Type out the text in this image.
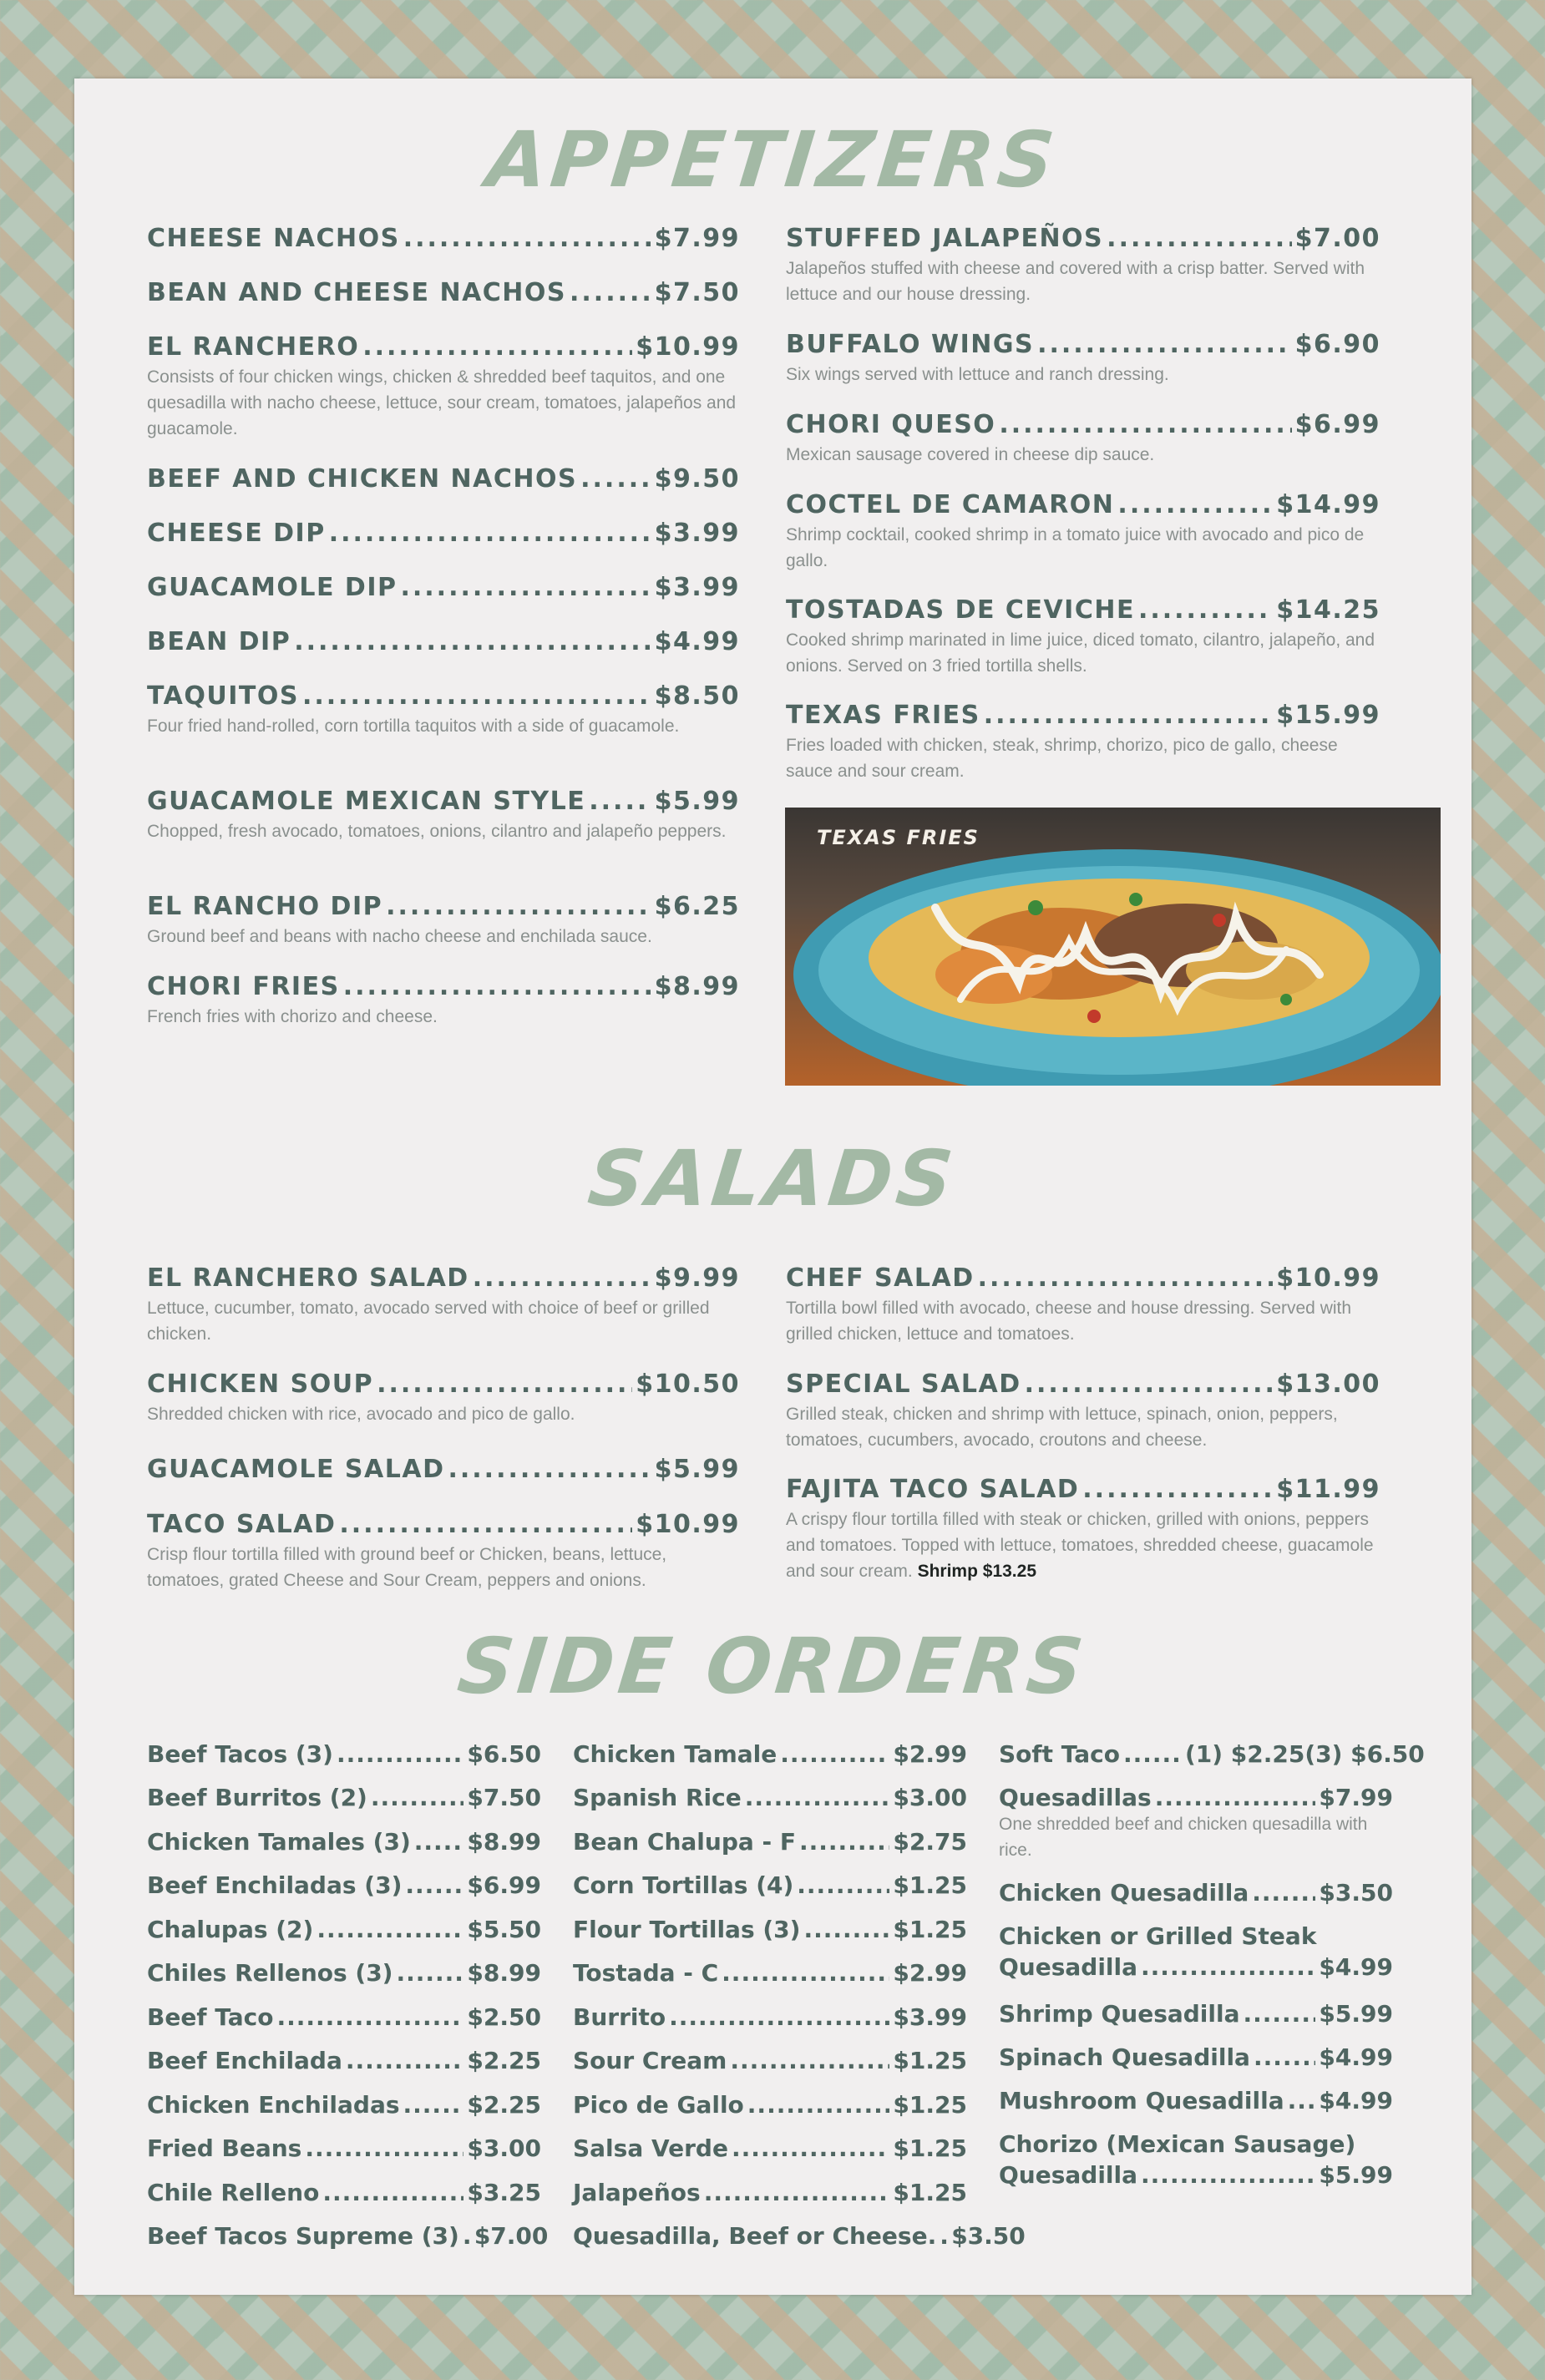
APPETIZERS
CHEESE NACHOS .....	$7.99
BEAN AND CHEESE NACHOS .....	$7.50
EL RANCHERO .....	$10.99
Consists of four chicken wings, chicken & shredded beef taquitos, and one quesadilla with nacho cheese, lettuce, sour cream, tomatoes, jalapeños and guacamole.
BEEF AND CHICKEN NACHOS .....	$9.50
CHEESE DIP .....	$3.99
GUACAMOLE DIP .....	$3.99
BEAN DIP .....	$4.99
TAQUITOS .....	$8.50
Four fried hand-rolled, corn tortilla taquitos with a side of guacamole.
GUACAMOLE MEXICAN STYLE .....	$5.99
Chopped, fresh avocado, tomatoes, onions, cilantro and jalapeño peppers.
EL RANCHO DIP .....	$6.25
Ground beef and beans with nacho cheese and enchilada sauce.
CHORI FRIES .....	$8.99
French fries with chorizo and cheese.
STUFFED JALAPEÑOS .....	$7.00
Jalapeños stuffed with cheese and covered with a crisp batter. Served with lettuce and our house dressing.
BUFFALO WINGS .....	$6.90
Six wings served with lettuce and ranch dressing.
CHORI QUESO .....	$6.99
Mexican sausage covered in cheese dip sauce.
COCTEL DE CAMARON .....	$14.99
Shrimp cocktail, cooked shrimp in a tomato juice with avocado and pico de gallo.
TOSTADAS DE CEVICHE .....	$14.25
Cooked shrimp marinated in lime juice, diced tomato, cilantro, jalapeño, and onions. Served on 3 fried tortilla shells.
TEXAS FRIES .....	$15.99
Fries loaded with chicken, steak, shrimp, chorizo, pico de gallo, cheese sauce and sour cream.
TEXAS FRIES
SALADS
EL RANCHERO SALAD .....	$9.99
Lettuce, cucumber, tomato, avocado served with choice of beef or grilled chicken.
CHICKEN SOUP .....	$10.50
Shredded chicken with rice, avocado and pico de gallo.
GUACAMOLE SALAD .....	$5.99
TACO SALAD .....	$10.99
Crisp flour tortilla filled with ground beef or Chicken, beans, lettuce, tomatoes, grated Cheese and Sour Cream, peppers and onions.
CHEF SALAD .....	$10.99
Tortilla bowl filled with avocado, cheese and house dressing. Served with grilled chicken, lettuce and tomatoes.
SPECIAL SALAD .....	$13.00
Grilled steak, chicken and shrimp with lettuce, spinach, onion, peppers, tomatoes, cucumbers, avocado, croutons and cheese.
FAJITA TACO SALAD .....	$11.99
A crispy flour tortilla filled with steak or chicken, grilled with onions, peppers and tomatoes. Topped with lettuce, tomatoes, shredded cheese, guacamole and sour cream. Shrimp $13.25
SIDE ORDERS
Beef Tacos (3) .....	$6.50
Beef Burritos (2) .....	$7.50
Chicken Tamales (3) ..... $8.99
Beef Enchiladas (3) .....	$6.99
Chalupas (2) .....	$5.50
Chiles Rellenos (3) .....	$8.99
Beef Taco .....	$2.50
Beef Enchilada .....	$2.25
Chicken Enchiladas .....	$2.25
Fried Beans .....	$3.00
Chile Relleno .....	$3.25
Beef Tacos Supreme (3) ..... $7.00
Chicken Tamale .....	$2.99
Spanish Rice .....	$3.00
Bean Chalupa - F .....	$2.75
Corn Tortillas (4) .....	$1.25
Flour Tortillas (3) .....	$1.25
Tostada - C .....	$2.99
Burrito .....	$3.99
Sour Cream .....	$1.25
Pico de Gallo .....	$1.25
Salsa Verde .....	$1.25
Jalapeños .....	$1.25
Quesadilla, Beef or Cheese. ..... $3.50
Soft Taco .....	(1) $2.25 (3) $6.50
Quesadillas .....	$7.99
One shredded beef and chicken quesadilla with rice.
Chicken Quesadilla .....	$3.50
Chicken or Grilled Steak
Quesadilla .....	$4.99
Shrimp Quesadilla .....	$5.99
Spinach Quesadilla .....	$4.99
Mushroom Quesadilla ..... $4.99
Chorizo (Mexican Sausage)
Quesadilla .....	$5.99
